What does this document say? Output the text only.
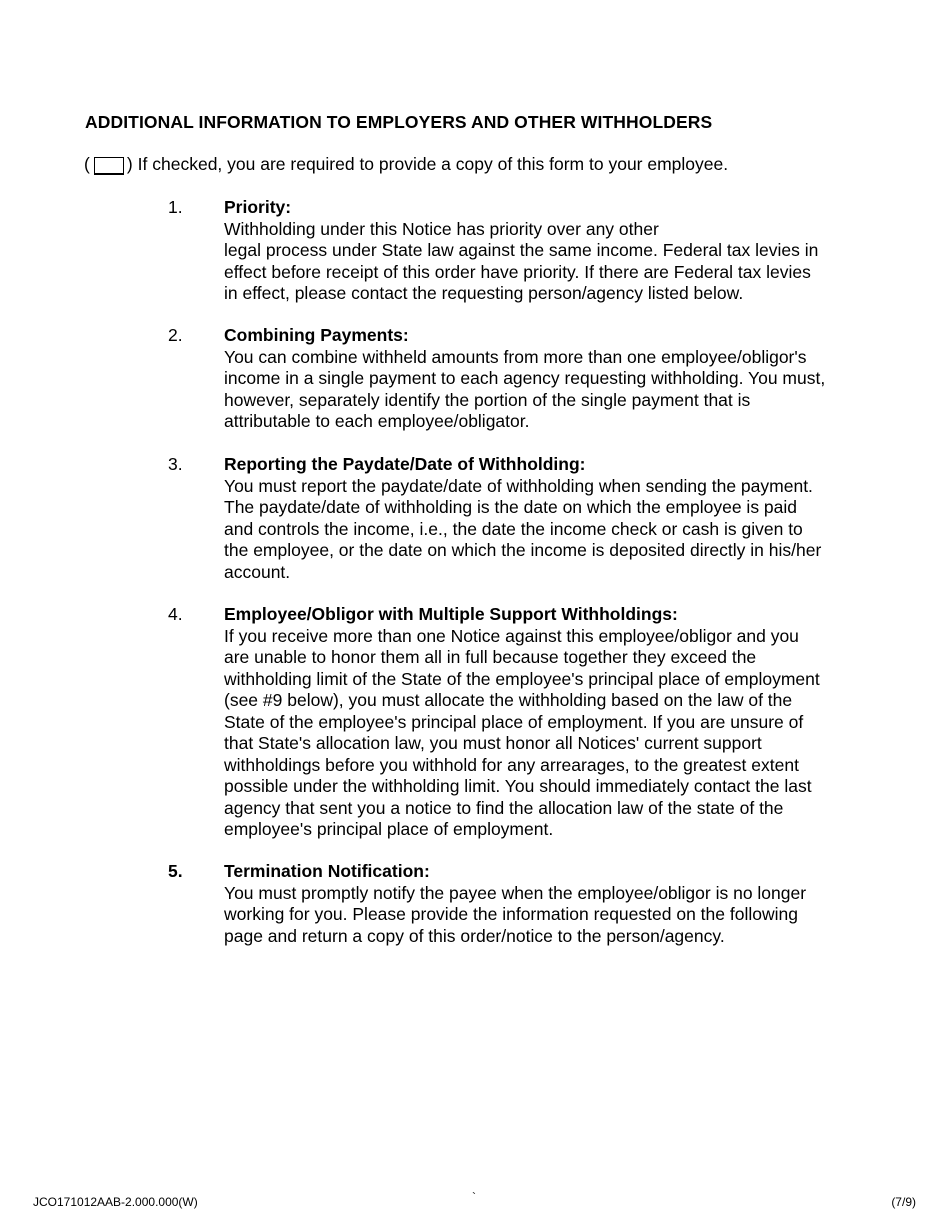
ADDITIONAL INFORMATION TO EMPLOYERS AND OTHER WITHHOLDERS
( ) If checked, you are required to provide a copy of this form to your employee.
1. Priority:
Withholding under this Notice has priority over any other
legal process under State law against the same income. Federal tax levies in
effect before receipt of this order have priority. If there are Federal tax levies
in effect, please contact the requesting person/agency listed below.
2. Combining Payments:
You can combine withheld amounts from more than one employee/obligor's
income in a single payment to each agency requesting withholding. You must,
however, separately identify the portion of the single payment that is
attributable to each employee/obligator.
3. Reporting the Paydate/Date of Withholding:
You must report the paydate/date of withholding when sending the payment.
The paydate/date of withholding is the date on which the employee is paid
and controls the income, i.e., the date the income check or cash is given to
the employee, or the date on which the income is deposited directly in his/her
account.
4. Employee/Obligor with Multiple Support Withholdings:
If you receive more than one Notice against this employee/obligor and you
are unable to honor them all in full because together they exceed the
withholding limit of the State of the employee's principal place of employment
(see #9 below), you must allocate the withholding based on the law of the
State of the employee's principal place of employment. If you are unsure of
that State's allocation law, you must honor all Notices' current support
withholdings before you withhold for any arrearages, to the greatest extent
possible under the withholding limit. You should immediately contact the last
agency that sent you a notice to find the allocation law of the state of the
employee's principal place of employment.
5. Termination Notification:
You must promptly notify the payee when the employee/obligor is no longer
working for you. Please provide the information requested on the following
page and return a copy of this order/notice to the person/agency.
JCO171012AAB-2.000.000(W)	`	(7/9)
